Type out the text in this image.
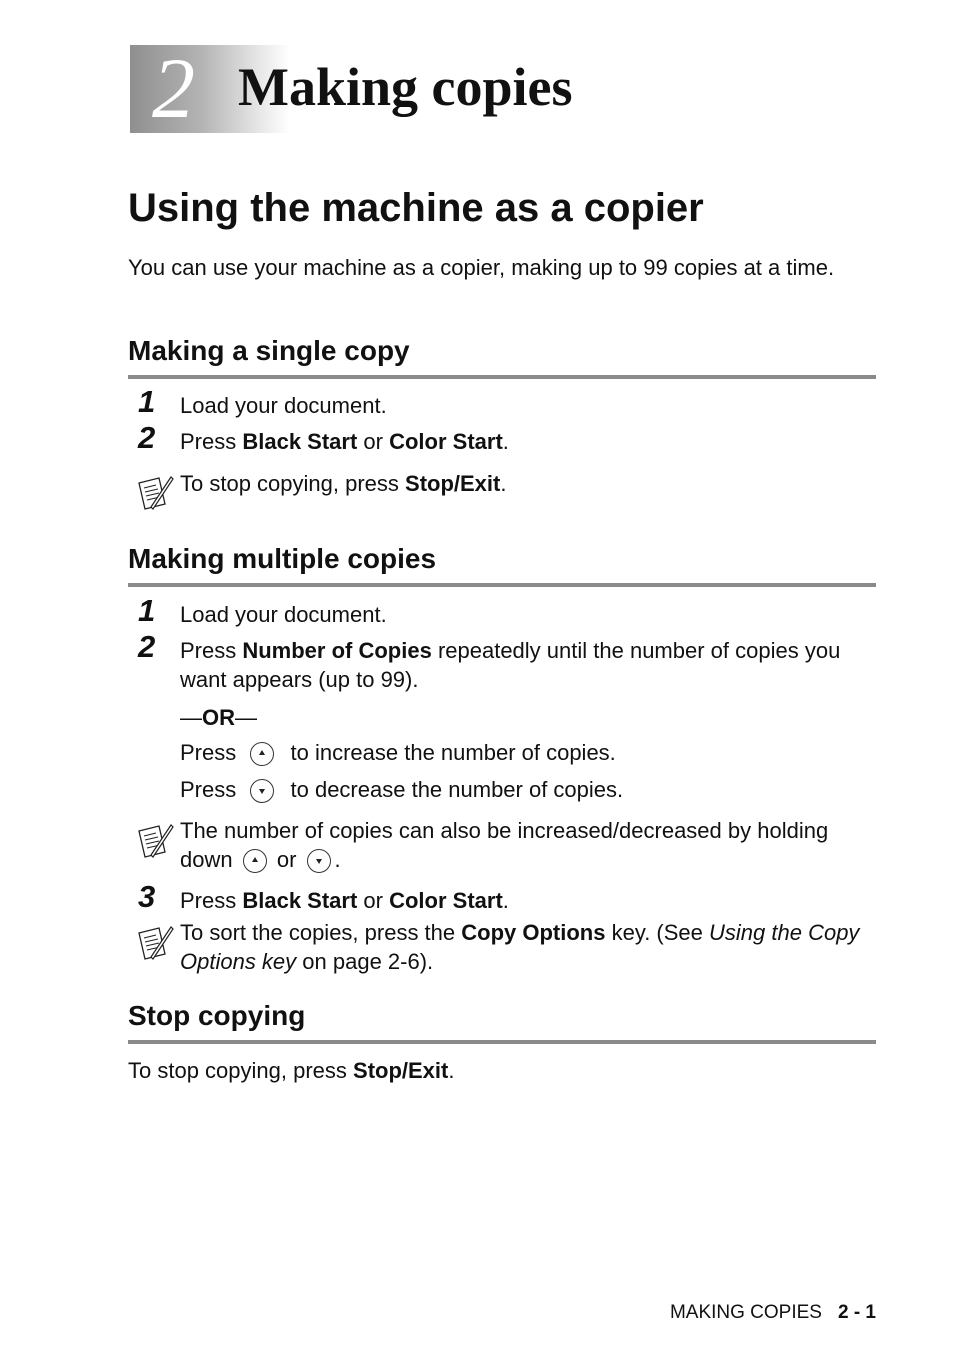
2 Making copies
Using the machine as a copier
You can use your machine as a copier, making up to 99 copies at a time.
Making a single copy
1 Load your document.
2 Press Black Start or Color Start.
To stop copying, press Stop/Exit.
Making multiple copies
1 Load your document.
2 Press Number of Copies repeatedly until the number of copies you want appears (up to 99).
—OR—
Press to increase the number of copies.
Press to decrease the number of copies.
The number of copies can also be increased/decreased by holding down or .
3 Press Black Start or Color Start.
To sort the copies, press the Copy Options key. (See Using the Copy Options key on page 2-6).
Stop copying
To stop copying, press Stop/Exit.
MAKING COPIES 2 - 1
